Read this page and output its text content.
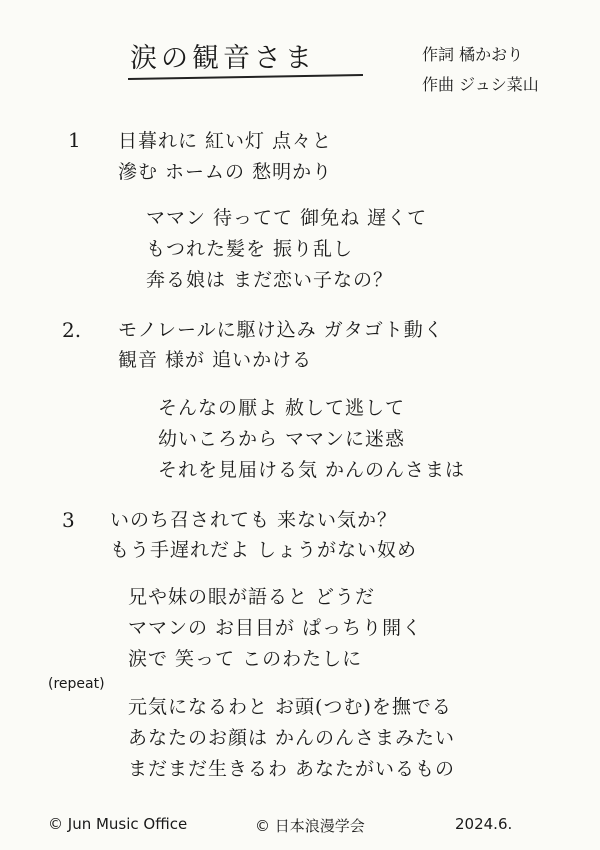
涙の観音さま	作詞 橘かおり
作曲 ジュシ菜山
1 日暮れに 紅い灯 点々と
滲む ホームの 愁明かり
ママン 待ってて 御免ね 遅くて
もつれた髪を 振り乱し
奔る娘は まだ恋い子なの？
2. モノレールに駆け込み ガタゴト動く
観音 様が 追いかける
そんなの厭よ 赦して逃して
幼いころから ママンに迷惑
それを見届ける気 かんのんさまは
3 いのち召されても 来ない気か？
もう手遅れだよ しょうがない奴め
兄や妹の眼が語ると どうだ
ママンの お目目が ぱっちり開く
涙で 笑って このわたしに
(repeat)
元気になるわと お頭(つむ)を撫でる
あなたのお顔は かんのんさまみたい
まだまだ生きるわ あなたがいるもの
© Jun Music Office	© 日本浪漫学会	2024.6.
